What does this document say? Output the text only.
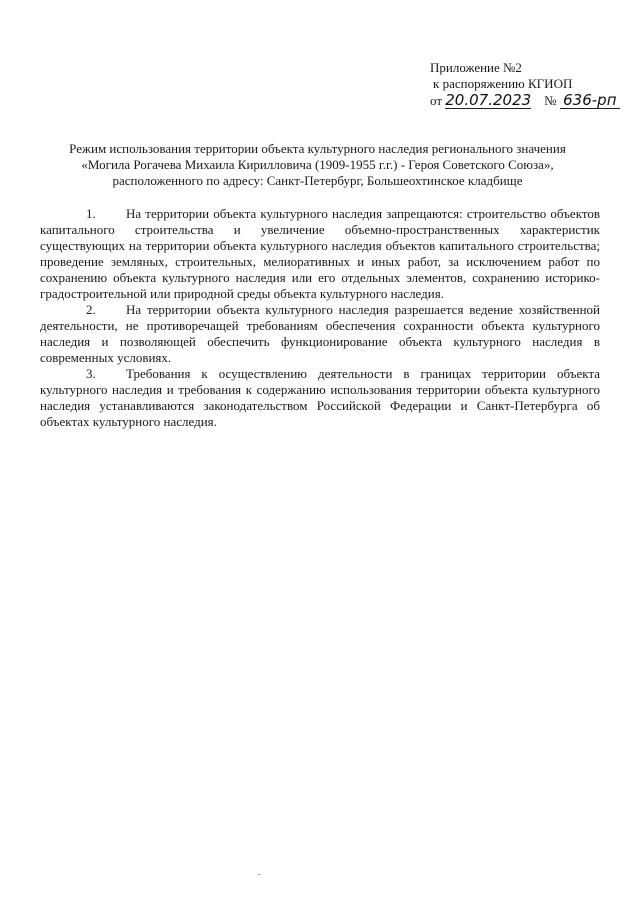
Приложение №2
к распоряжению КГИОП
от 20.07.2023 № 636-рп
Режим использования территории объекта культурного наследия регионального значения
«Могила Рогачева Михаила Кирилловича (1909-1955 г.г.) - Героя Советского Союза»,
расположенного по адресу: Санкт-Петербург, Большеохтинское кладбище

1. На территории объекта культурного наследия запрещаются: строительство объектов капитального строительства и увеличение объемно-пространственных характеристик существующих на территории объекта культурного наследия объектов капитального строительства; проведение земляных, строительных, мелиоративных и иных работ, за исключением работ по сохранению объекта культурного наследия или его отдельных элементов, сохранению историко-градостроительной или природной среды объекта культурного наследия.

2. На территории объекта культурного наследия разрешается ведение хозяйственной деятельности, не противоречащей требованиям обеспечения сохранности объекта культурного наследия и позволяющей обеспечить функционирование объекта культурного наследия в современных условиях.

3. Требования к осуществлению деятельности в границах территории объекта культурного наследия и требования к содержанию использования территории объекта культурного наследия устанавливаются законодательством Российской Федерации и Санкт-Петербурга об объектах культурного наследия.
